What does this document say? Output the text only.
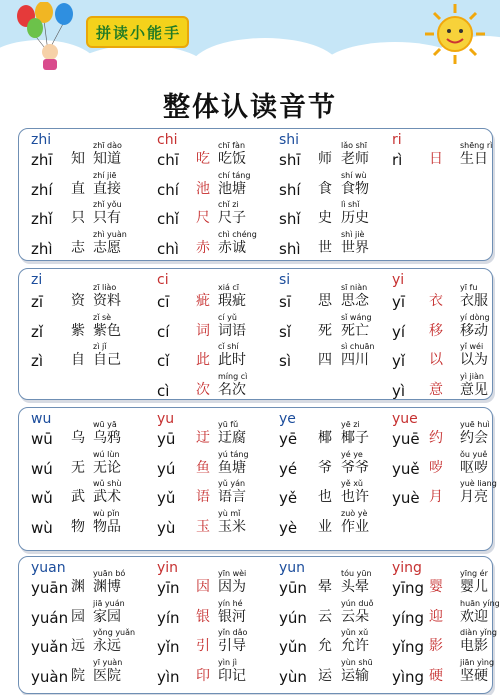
拼 读 小 能 手
整体认读音节
zhi
zhī 知
zhī dào
知道
zhí 直
zhí jiē
直接
zhǐ 只
zhǐ yǒu
只有
zhì 志
zhì yuàn
志愿
chi
chī 吃
chī fàn
吃饭
chí 池
chí táng
池塘
chǐ 尺
chǐ zi
尺子
chì 赤
chì chéng
赤诚
shi
shī 师
lǎo shī
老师
shí 食
shí wù
食物
shǐ 史
lì shǐ
历史
shì 世
shì jiè
世界
ri
rì 日
shēng rì
生日
zi
zī 资
zī liào
资料
zǐ 紫
zǐ sè
紫色
zì 自
zì jǐ
自己
ci
cī 疵
xiá cī
瑕疵
cí 词
cí yǔ
词语
cǐ 此
cǐ shí
此时
cì 次
míng cì
名次
si
sī 思
sī niàn
思念
sǐ 死
sǐ wáng
死亡
sì 四
sì chuān
四川
yi
yī 衣
yī fu
衣服
yí 移
yí dòng
移动
yǐ 以
yǐ wéi
以为
yì 意
yì jiàn
意见
wu
wū 乌
wū yā
乌鸦
wú 无
wú lùn
无论
wǔ 武
wǔ shù
武术
wù 物
wù pǐn
物品
yu
yū 迂
yū fǔ
迂腐
yú 鱼
yú táng
鱼塘
yǔ 语
yǔ yán
语言
yù 玉
yù mǐ
玉米
ye
yē 椰
yē zi
椰子
yé 爷
yé ye
爷爷
yě 也
yě xǔ
也许
yè 业
zuò yè
作业
yue
yuē 约
yuē huì
约会
yuě 哕
ǒu yuě
呕哕
yuè 月
yuè liang
月亮
yuan
yuān 渊
yuān bó
渊博
yuán 园
jiā yuán
家园
yuǎn 远
yǒng yuǎn
永远
yuàn 院
yī yuàn
医院
yin
yīn 因
yīn wèi
因为
yín 银
yín hé
银河
yǐn 引
yǐn dǎo
引导
yìn 印
yìn jì
印记
yun
yūn 晕
tóu yūn
头晕
yún 云
yún duǒ
云朵
yǔn 允
yǔn xǔ
允许
yùn 运
yùn shū
运输
ying
yīng 婴
yīng ér
婴儿
yíng 迎
huān yíng
欢迎
yǐng 影
diàn yǐng
电影
yìng 硬
jiān yìng
坚硬
